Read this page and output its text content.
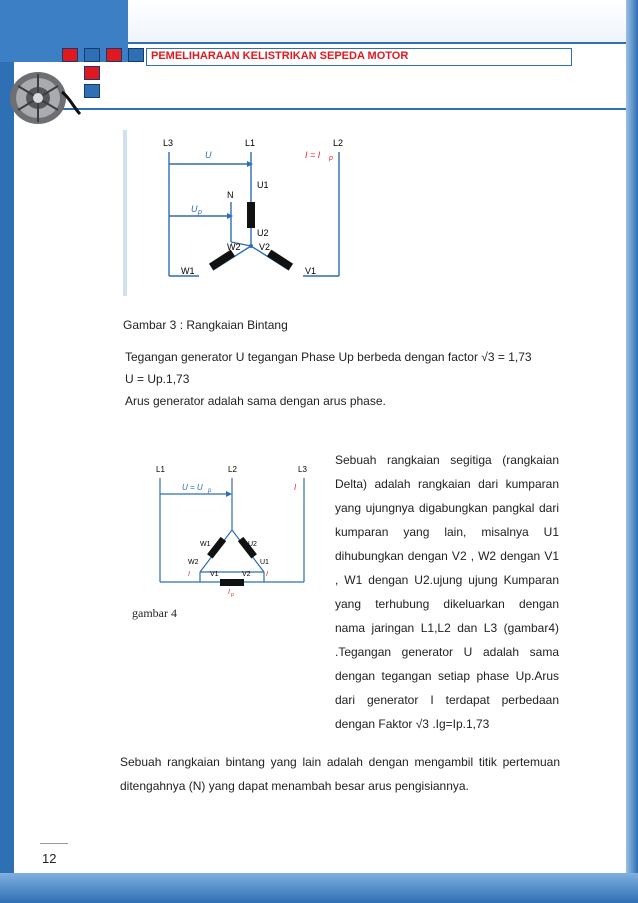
PEMELIHARAAN KELISTRIKAN SEPEDA MOTOR
L3	L1	L2
U	I = I p
U p
N
U1
U2
W2 V2
W1	V1
Gambar 3 : Rangkaian Bintang
Tegangan generator U tegangan Phase Up berbeda dengan factor √3 = 1,73
U = Up.1,73
Arus generator adalah sama dengan arus phase.
L1	L2	L3
U = U p	I
W1	U2
W2	U1
V1	V2
I	I
I p
gambar 4
Sebuah rangkaian segitiga (rangkaian Delta) adalah rangkaian dari kumparan yang ujungnya digabungkan pangkal dari kumparan yang lain, misalnya U1 dihubungkan dengan V2 , W2 dengan V1 , W1 dengan U2.ujung ujung Kumparan yang terhubung dikeluarkan dengan nama jaringan L1,L2 dan L3 (gambar4) .Tegangan generator U adalah sama dengan tegangan setiap phase Up.Arus dari generator I terdapat perbedaan dengan Faktor √3 .Ig=Ip.1,73
Sebuah rangkaian bintang yang lain adalah dengan mengambil titik pertemuan ditengahnya (N) yang dapat menambah besar arus pengisiannya.
12
